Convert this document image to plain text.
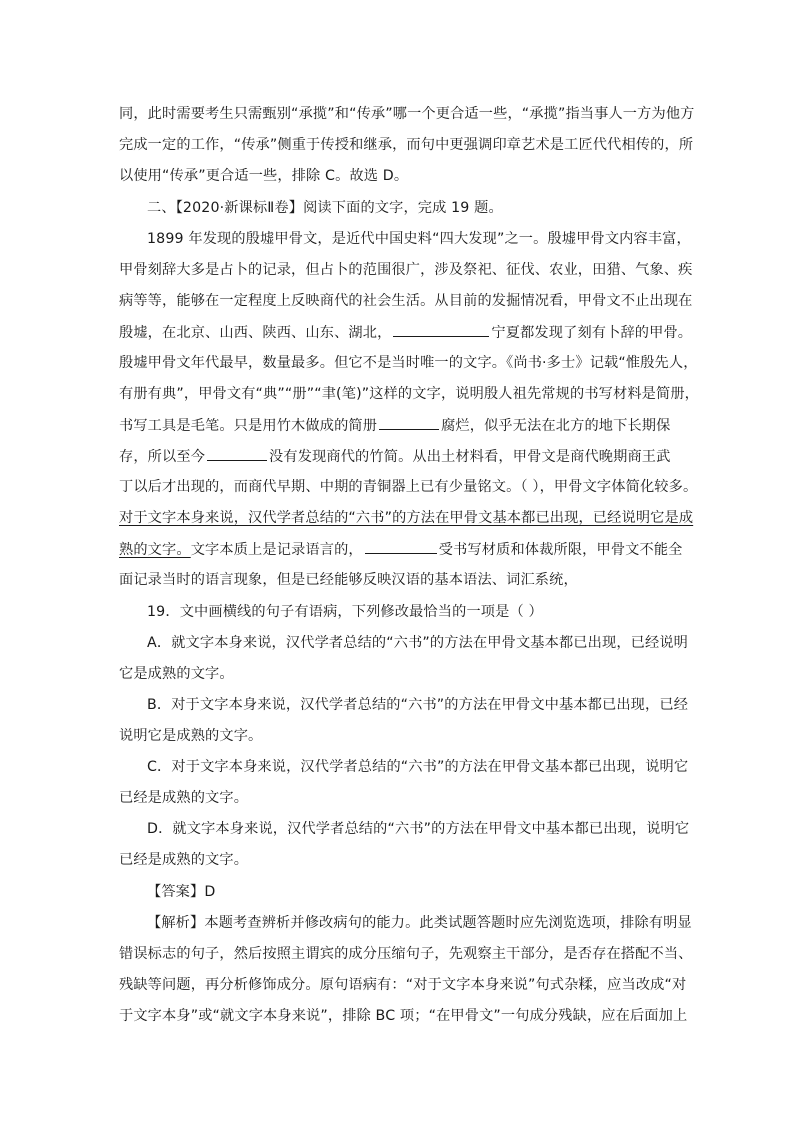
同，此时需要考生只需甄别“承揽”和“传承”哪一个更合适一些，“承揽”指当事人一方为他方
完成一定的工作，“传承”侧重于传授和继承，而句中更强调印章艺术是工匠代代相传的，所
以使用“传承”更合适一些，排除 C。故选 D。
二、【2020·新课标Ⅱ卷】阅读下面的文字，完成 19 题。
1899 年发现的殷墟甲骨文，是近代中国史料“四大发现”之一。殷墟甲骨文内容丰富，
甲骨刻辞大多是占卜的记录，但占卜的范围很广，涉及祭祀、征伐、农业，田猎、气象、疾
病等等，能够在一定程度上反映商代的社会生活。从目前的发掘情况看，甲骨文不止出现在
殷墟，在北京、山西、陕西、山东、湖北，	宁夏都发现了刻有卜辞的甲骨。
殷墟甲骨文年代最早，数量最多。但它不是当时唯一的文字。《尚书·多士》记载“惟殷先人，
有册有典”，甲骨文有“典”“册”“聿(笔)”这样的文字，说明殷人祖先常规的书写材料是简册，
书写工具是毛笔。只是用竹木做成的简册	腐烂，似乎无法在北方的地下长期保
存，所以至今	没有发现商代的竹简。从出土材料看，甲骨文是商代晚期商王武
丁以后才出现的，而商代早期、中期的青铜器上已有少量铭文。（ ），甲骨文字体简化较多。
对于文字本身来说，汉代学者总结的“六书”的方法在甲骨文基本都已出现，已经说明它是成
熟的文字。文字本质上是记录语言的，	受书写材质和体裁所限，甲骨文不能全
面记录当时的语言现象，但是已经能够反映汉语的基本语法、词汇系统，
19．文中画横线的句子有语病，下列修改最恰当的一项是（ ）
A．就文字本身来说，汉代学者总结的“六书”的方法在甲骨文基本都已出现，已经说明
它是成熟的文字。
B．对于文字本身来说，汉代学者总结的“六书”的方法在甲骨文中基本都已出现，已经
说明它是成熟的文字。
C．对于文字本身来说，汉代学者总结的“六书”的方法在甲骨文基本都已出现，说明它
已经是成熟的文字。
D．就文字本身来说，汉代学者总结的“六书”的方法在甲骨文中基本都已出现，说明它
已经是成熟的文字。
【答案】D
【解析】本题考查辨析并修改病句的能力。此类试题答题时应先浏览选项，排除有明显
错误标志的句子，然后按照主谓宾的成分压缩句子，先观察主干部分，是否存在搭配不当、
残缺等问题，再分析修饰成分。原句语病有：“对于文字本身来说”句式杂糅，应当改成“对
于文字本身”或“就文字本身来说”，排除 BC 项；“在甲骨文”一句成分残缺，应在后面加上
